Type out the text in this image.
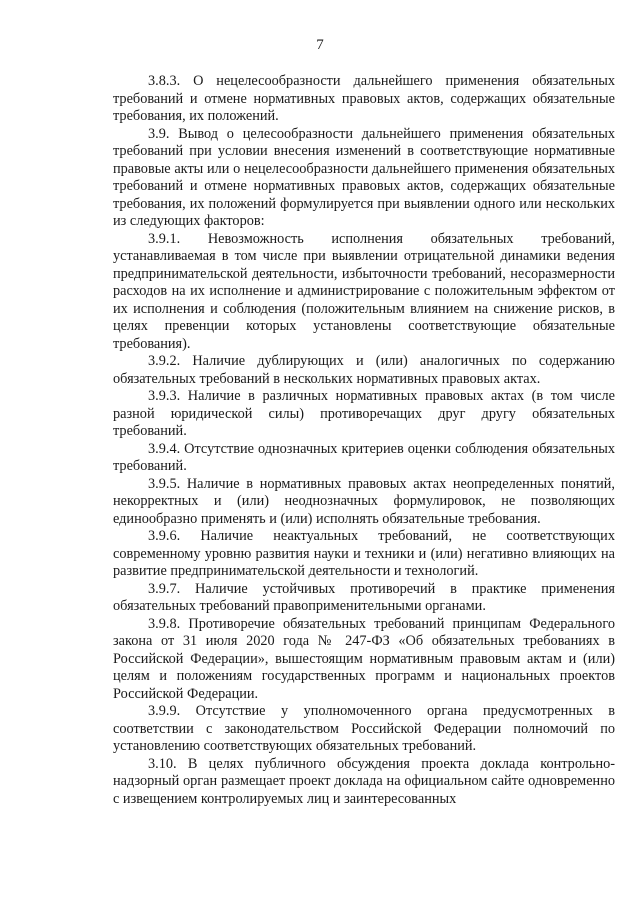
7

3.8.3. О нецелесообразности дальнейшего применения обязательных требований и отмене нормативных правовых актов, содержащих обязательные требования, их положений.

3.9. Вывод о целесообразности дальнейшего применения обязательных требований при условии внесения изменений в соответствующие нормативные правовые акты или о нецелесообразности дальнейшего применения обязательных требований и отмене нормативных правовых актов, содержащих обязательные требования, их положений формулируется при выявлении одного или нескольких из следующих факторов:

3.9.1. Невозможность исполнения обязательных требований, устанавливаемая в том числе при выявлении отрицательной динамики ведения предпринимательской деятельности, избыточности требований, несоразмерности расходов на их исполнение и администрирование с положительным эффектом от их исполнения и соблюдения (положительным влиянием на снижение рисков, в целях превенции которых установлены соответствующие обязательные требования).

3.9.2. Наличие дублирующих и (или) аналогичных по содержанию обязательных требований в нескольких нормативных правовых актах.

3.9.3. Наличие в различных нормативных правовых актах (в том числе разной юридической силы) противоречащих друг другу обязательных требований.

3.9.4. Отсутствие однозначных критериев оценки соблюдения обязательных требований.

3.9.5. Наличие в нормативных правовых актах неопределенных понятий, некорректных и (или) неоднозначных формулировок, не позволяющих единообразно применять и (или) исполнять обязательные требования.

3.9.6. Наличие неактуальных требований, не соответствующих современному уровню развития науки и техники и (или) негативно влияющих на развитие предпринимательской деятельности и технологий.

3.9.7. Наличие устойчивых противоречий в практике применения обязательных требований правоприменительными органами.

3.9.8. Противоречие обязательных требований принципам Федерального закона от 31 июля 2020 года № 247-ФЗ «Об обязательных требованиях в Российской Федерации», вышестоящим нормативным правовым актам и (или) целям и положениям государственных программ и национальных проектов Российской Федерации.

3.9.9. Отсутствие у уполномоченного органа предусмотренных в соответствии с законодательством Российской Федерации полномочий по установлению соответствующих обязательных требований.

3.10. В целях публичного обсуждения проекта доклада контрольно-надзорный орган размещает проект доклада на официальном сайте одновременно с извещением контролируемых лиц и заинтересованных
